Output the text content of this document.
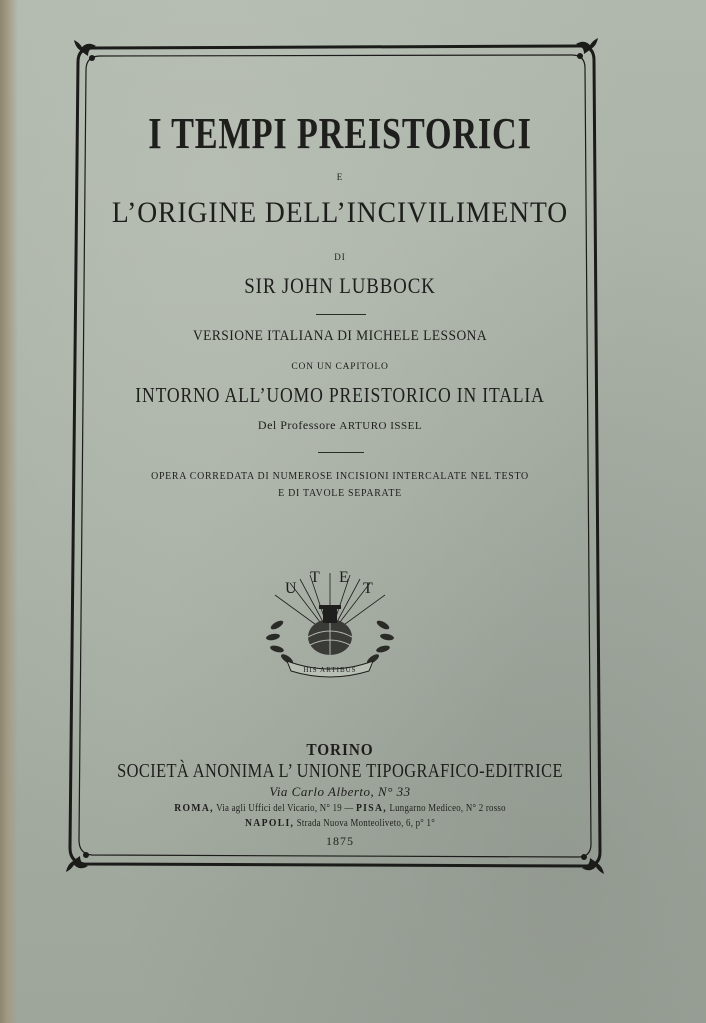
I TEMPI PREISTORICI
E
L’ORIGINE DELL’INCIVILIMENTO
DI
SIR JOHN LUBBOCK
VERSIONE ITALIANA DI MICHELE LESSONA
CON UN CAPITOLO
INTORNO ALL’UOMO PREISTORICO IN ITALIA
Del Professore ARTURO ISSEL
OPERA CORREDATA DI NUMEROSE INCISIONI INTERCALATE NEL TESTO
E DI TAVOLE SEPARATE
U
T E
T
HIS ARTIBUS
TORINO
SOCIETÀ ANONIMA L’ UNIONE TIPOGRAFICO-EDITRICE
Via Carlo Alberto, N° 33
ROMA, Via agli Uffici del Vicario, N° 19 — PISA, Lungarno Mediceo, N° 2 rosso
NAPOLI, Strada Nuova Monteoliveto, 6, p° 1°
1875
